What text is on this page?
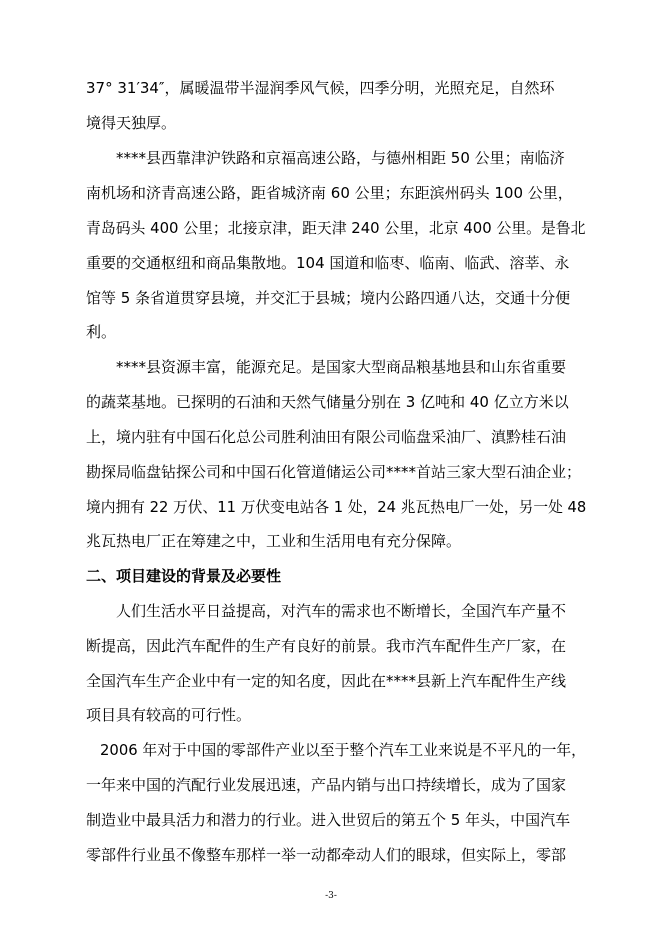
37° 31′34″，属暖温带半湿润季风气候，四季分明，光照充足，自然环
境得天独厚。
****县西靠津沪铁路和京福高速公路，与德州相距 50 公里；南临济
南机场和济青高速公路，距省城济南 60 公里；东距滨州码头 100 公里，
青岛码头 400 公里；北接京津，距天津 240 公里，北京 400 公里。是鲁北
重要的交通枢纽和商品集散地。104 国道和临枣、临南、临武、溶莘、永
馆等 5 条省道贯穿县境，并交汇于县城；境内公路四通八达，交通十分便
利。
****县资源丰富，能源充足。是国家大型商品粮基地县和山东省重要
的蔬菜基地。已探明的石油和天然气储量分别在 3 亿吨和 40 亿立方米以
上，境内驻有中国石化总公司胜利油田有限公司临盘采油厂、滇黔桂石油
勘探局临盘钻探公司和中国石化管道储运公司****首站三家大型石油企业；
境内拥有 22 万伏、11 万伏变电站各 1 处，24 兆瓦热电厂一处，另一处 48
兆瓦热电厂正在筹建之中，工业和生活用电有充分保障。
二、项目建设的背景及必要性
人们生活水平日益提高，对汽车的需求也不断增长，全国汽车产量不
断提高，因此汽车配件的生产有良好的前景。我市汽车配件生产厂家，在
全国汽车生产企业中有一定的知名度，因此在****县新上汽车配件生产线
项目具有较高的可行性。
2006 年对于中国的零部件产业以至于整个汽车工业来说是不平凡的一年，
一年来中国的汽配行业发展迅速，产品内销与出口持续增长，成为了国家
制造业中最具活力和潜力的行业。进入世贸后的第五个 5 年头，中国汽车
零部件行业虽不像整车那样一举一动都牵动人们的眼球，但实际上，零部
-3-
